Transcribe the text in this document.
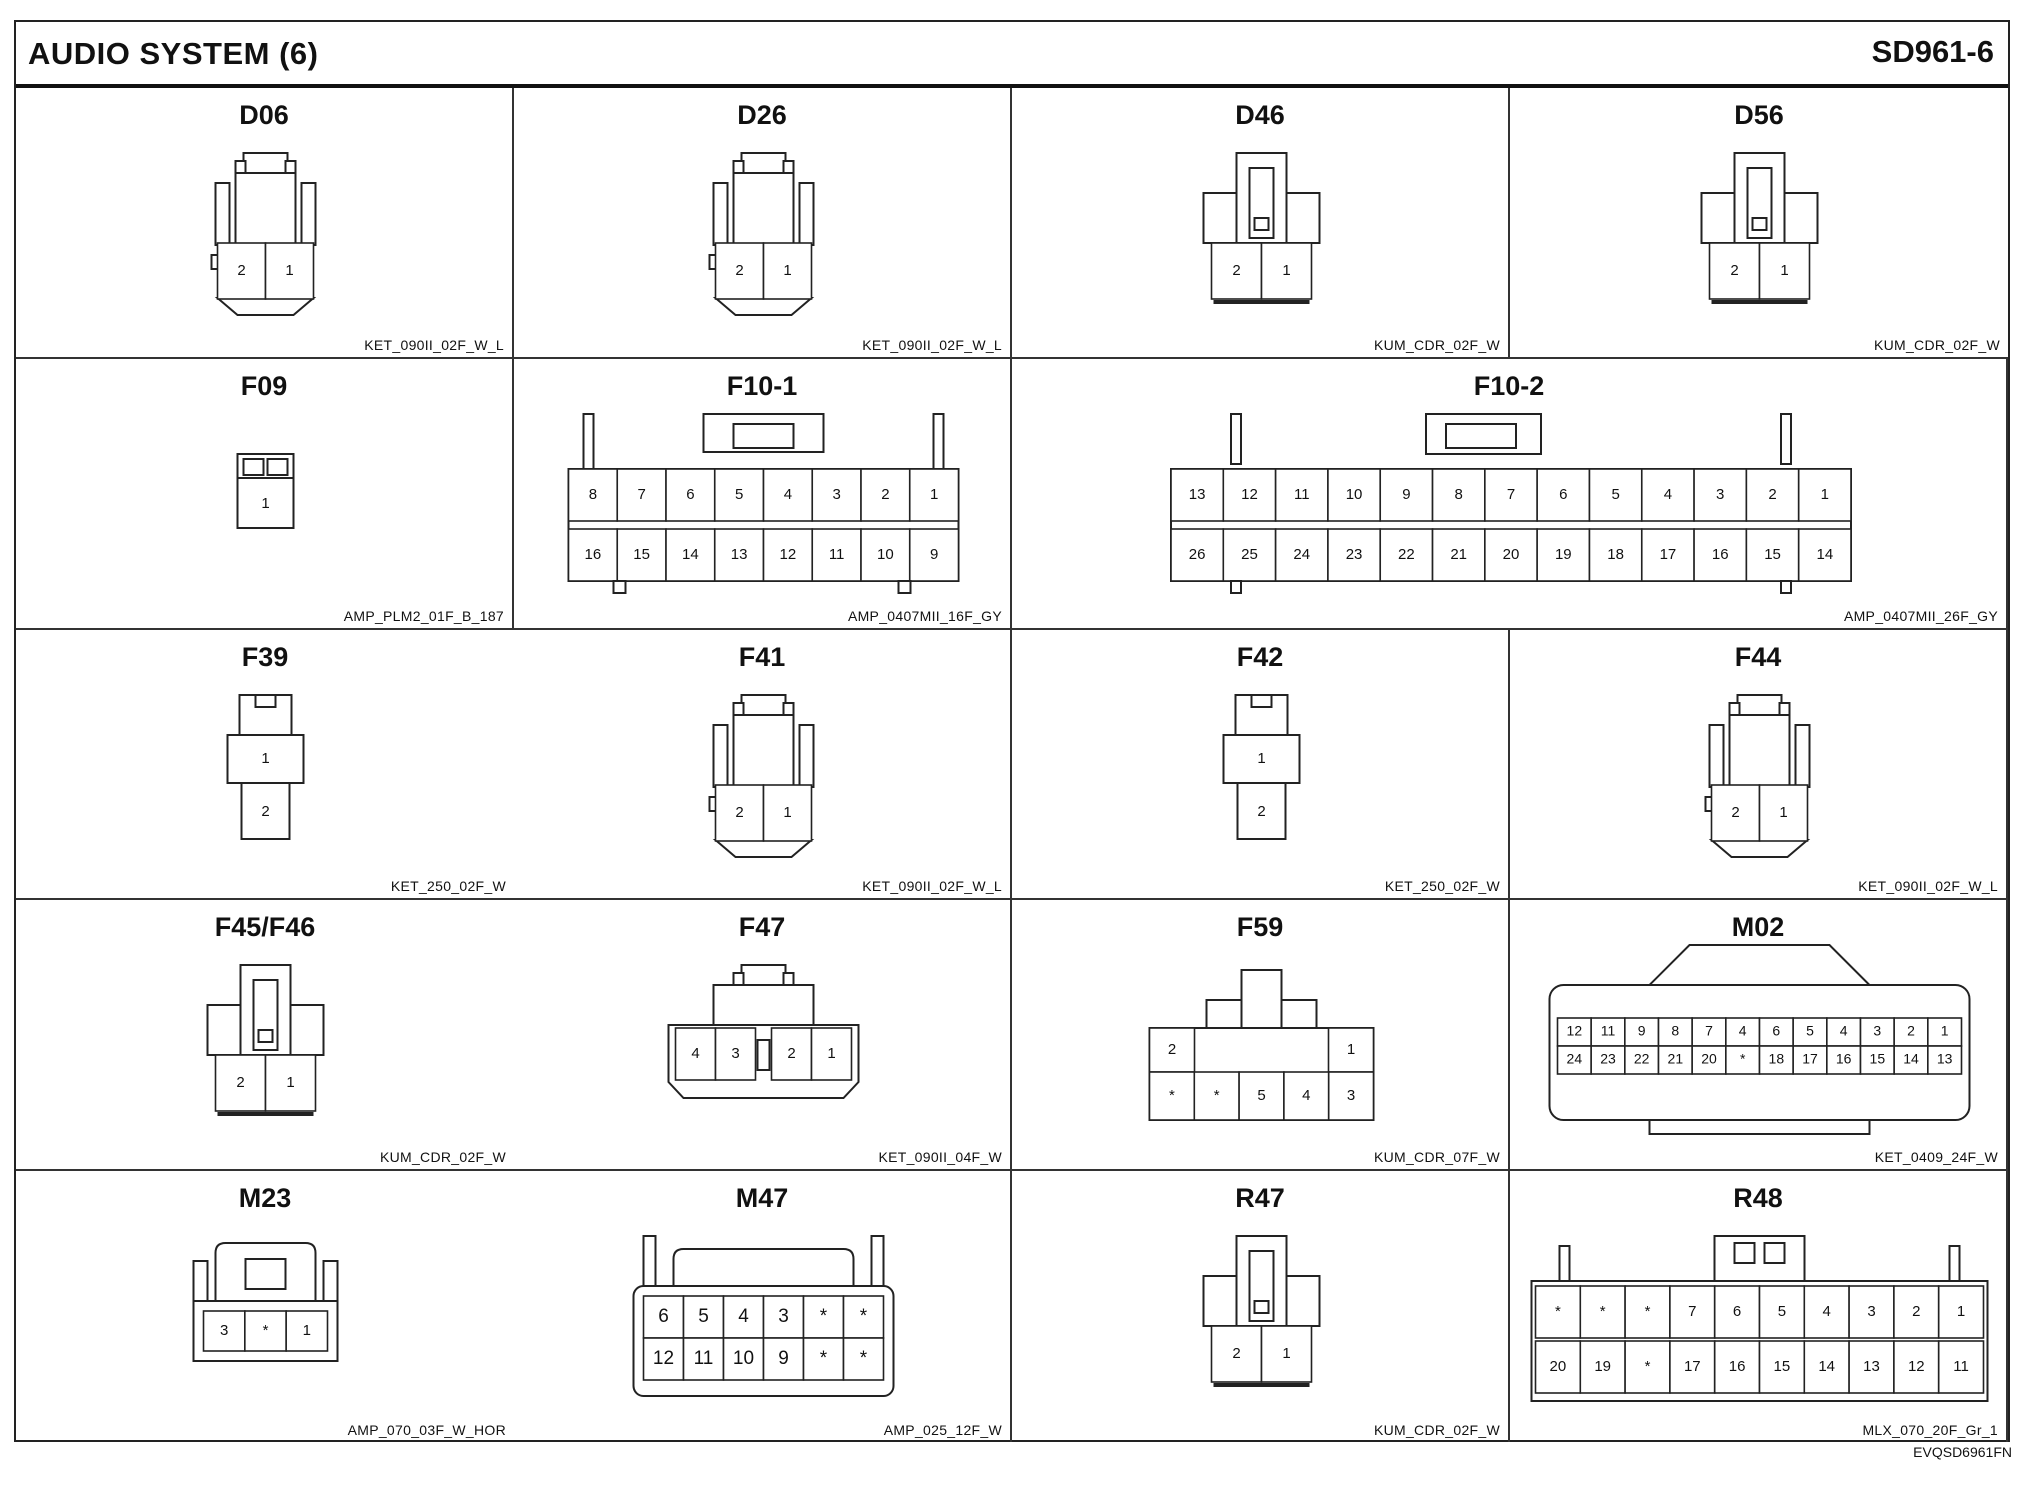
AUDIO SYSTEM (6)	SD961-6
D06
2	1
KET_090II_02F_W_L
D26
2	1
KET_090II_02F_W_L
D46
2	1
KUM_CDR_02F_W
D56
2	1
KUM_CDR_02F_W
F09
1
AMP_PLM2_01F_B_187
F10-1
8	7	6	5	4	3	2	1
16 15 14 13 12 11 10 9
AMP_0407MII_16F_GY
F10-2
13 12 11 10	9	8	7	6	5	4	3	2	1
26 25 24 23 22 21 20 19 18 17 16 15 14
AMP_0407MII_26F_GY
F39
1
2
KET_250_02F_W
F41
2	1
KET_090II_02F_W_L
F42
1
2
KET_250_02F_W
F44
2	1
KET_090II_02F_W_L
F45/F46
2	1
KUM_CDR_02F_W
F47
4 3	2 1
KET_090II_04F_W
F59
2	1
*	*	5 4 3
KUM_CDR_07F_W
M02
12 11 9 8 7 4 6 5 4 3 2 1
24 23 22 21 20 * 18 17 16 15 14 13
KET_0409_24F_W
M23
3 * 1
AMP_070_03F_W_HOR
M47
6 5 4 3 * *
12 11 10 9 * *
AMP_025_12F_W
R47
2	1
KUM_CDR_02F_W
R48
*	*	*	7 6 5 4 3 2 1
20 19 * 17 16 15 14 13 12 11
MLX_070_20F_Gr_1
EVQSD6961FN
